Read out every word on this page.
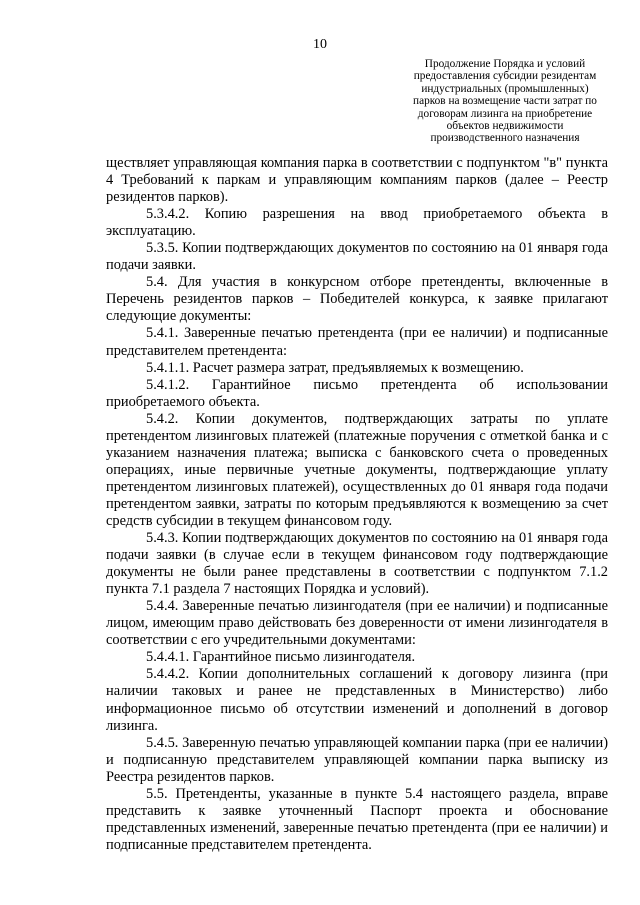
10
Продолжение Порядка и условий
предоставления субсидии резидентам
индустриальных (промышленных)
парков на возмещение части затрат по
договорам лизинга на приобретение
объектов недвижимости
производственного назначения

ществляет управляющая компания парка в соответствии с подпунктом "в" пункта 4 Требований к паркам и управляющим компаниям парков (далее – Реестр резидентов парков).

5.3.4.2. Копию разрешения на ввод приобретаемого объекта в эксплуатацию.

5.3.5. Копии подтверждающих документов по состоянию на 01 января года подачи заявки.

5.4. Для участия в конкурсном отборе претенденты, включенные в Перечень резидентов парков – Победителей конкурса, к заявке прилагают следующие документы:

5.4.1. Заверенные печатью претендента (при ее наличии) и подписанные представителем претендента:

5.4.1.1. Расчет размера затрат, предъявляемых к возмещению.

5.4.1.2. Гарантийное письмо претендента об использовании приобретаемого объекта.

5.4.2. Копии документов, подтверждающих затраты по уплате претендентом лизинговых платежей (платежные поручения с отметкой банка и с указанием назначения платежа; выписка с банковского счета о проведенных операциях, иные первичные учетные документы, подтверждающие уплату претендентом лизинговых платежей), осуществленных до 01 января года подачи претендентом заявки, затраты по которым предъявляются к возмещению за счет средств субсидии в текущем финансовом году.

5.4.3. Копии подтверждающих документов по состоянию на 01 января года подачи заявки (в случае если в текущем финансовом году подтверждающие документы не были ранее представлены в соответствии с подпунктом 7.1.2 пункта 7.1 раздела 7 настоящих Порядка и условий).

5.4.4. Заверенные печатью лизингодателя (при ее наличии) и подписанные лицом, имеющим право действовать без доверенности от имени лизингодателя в соответствии с его учредительными документами:

5.4.4.1. Гарантийное письмо лизингодателя.

5.4.4.2. Копии дополнительных соглашений к договору лизинга (при наличии таковых и ранее не представленных в Министерство) либо информационное письмо об отсутствии изменений и дополнений в договор лизинга.

5.4.5. Заверенную печатью управляющей компании парка (при ее наличии) и подписанную представителем управляющей компании парка выписку из Реестра резидентов парков.

5.5. Претенденты, указанные в пункте 5.4 настоящего раздела, вправе представить к заявке уточненный Паспорт проекта и обоснование представленных изменений, заверенные печатью претендента (при ее наличии) и подписанные представителем претендента.
